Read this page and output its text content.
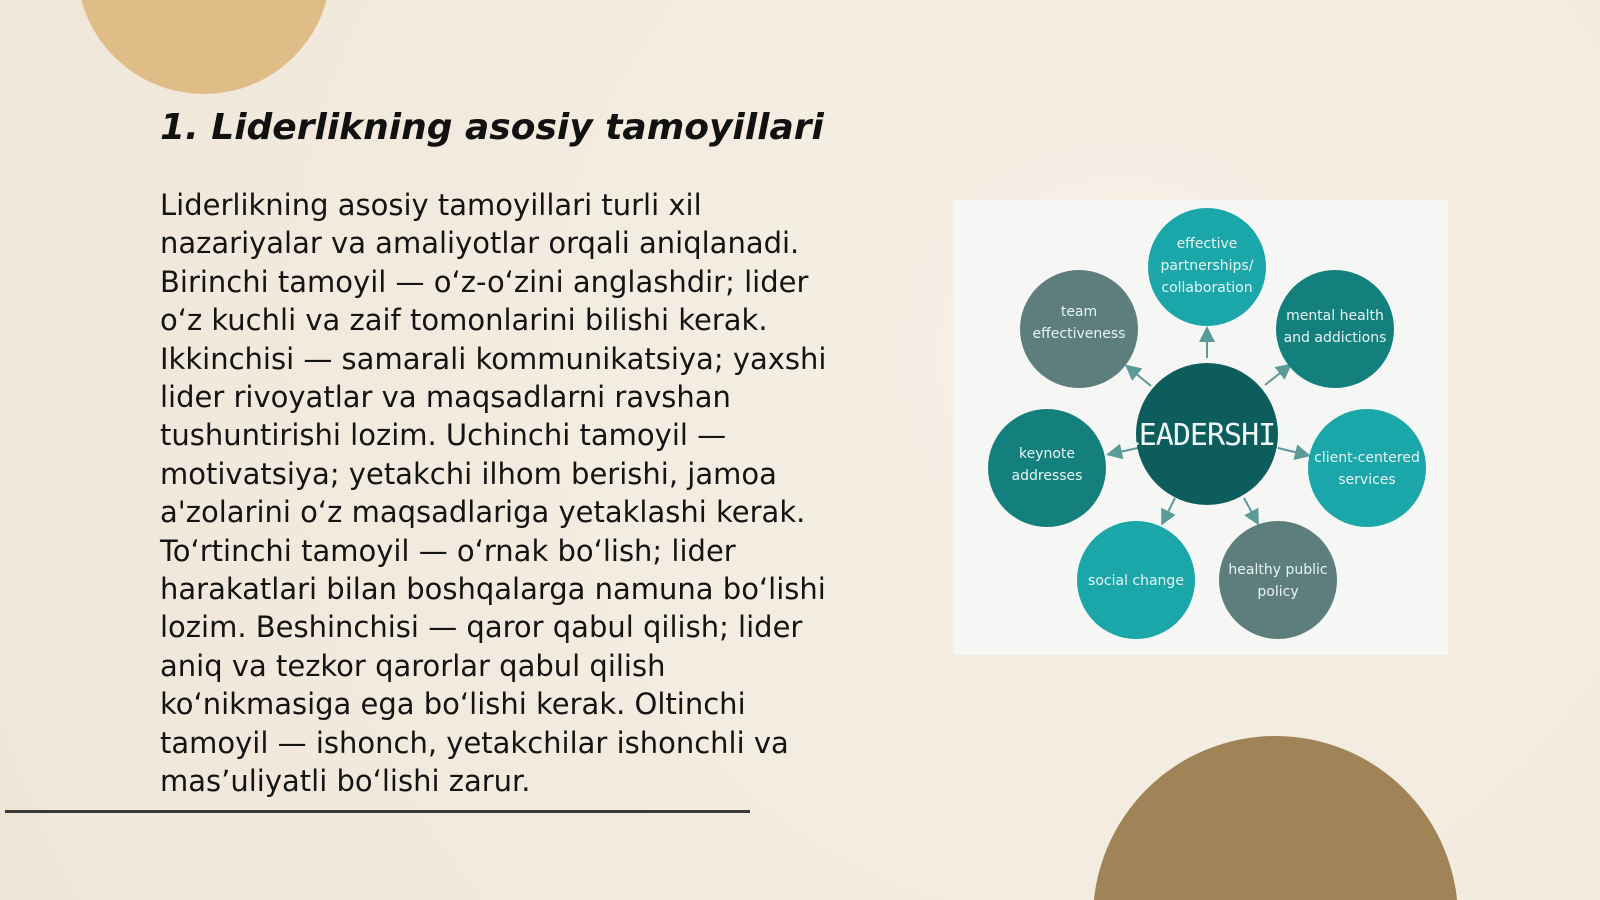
1. Liderlikning asosiy tamoyillari

Liderlikning asosiy tamoyillari turli xil nazariyalar va amaliyotlar orqali aniqlanadi. Birinchi tamoyil — o‘z-o‘zini anglashdir; lider o‘z kuchli va zaif tomonlarini bilishi kerak. Ikkinchisi — samarali kommunikatsiya; yaxshi lider rivoyatlar va maqsadlarni ravshan tushuntirishi lozim. Uchinchi tamoyil — motivatsiya; yetakchi ilhom berishi, jamoa a'zolarini o‘z maqsadlariga yetaklashi kerak. To‘rtinchi tamoyil — o‘rnak bo‘lish; lider harakatlari bilan boshqalarga namuna bo‘lishi lozim. Beshinchisi — qaror qabul qilish; lider aniq va tezkor qarorlar qabul qilish ko‘nikmasiga ega bo‘lishi kerak. Oltinchi tamoyil — ishonch, yetakchilar ishonchli va mas’uliyatli bo‘lishi zarur.

effective
partnerships/
collaboration
mental health
and addictions
client-centered
services
healthy public
policy
social change
keynote
addresses
team
effectiveness
LEADERSHIP
